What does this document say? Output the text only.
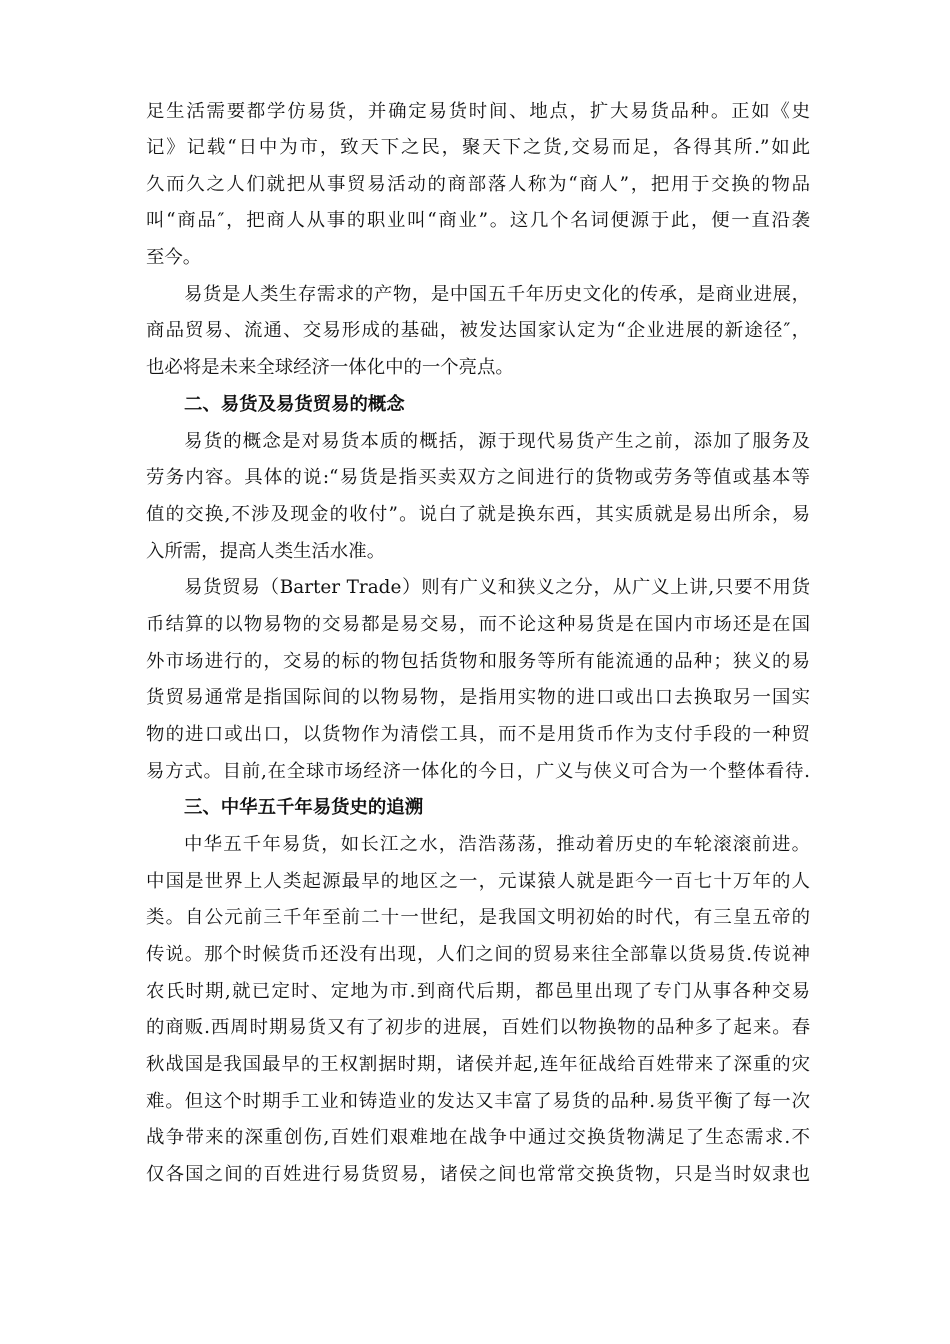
足生活需要都学仿易货，并确定易货时间、地点，扩大易货品种。正如《史
记》记载“日中为市，致天下之民，聚天下之货,交易而足，各得其所.”如此
久而久之人们就把从事贸易活动的商部落人称为“商人”，把用于交换的物品
叫“商品″，把商人从事的职业叫“商业”。这几个名词便源于此，便一直沿袭
至今。
易货是人类生存需求的产物，是中国五千年历史文化的传承，是商业进展，
商品贸易、流通、交易形成的基础，被发达国家认定为“企业进展的新途径″，
也必将是未来全球经济一体化中的一个亮点。
二、易货及易货贸易的概念
易货的概念是对易货本质的概括，源于现代易货产生之前，添加了服务及
劳务内容。具体的说:“易货是指买卖双方之间进行的货物或劳务等值或基本等
值的交换,不涉及现金的收付”。说白了就是换东西，其实质就是易出所余，易
入所需，提高人类生活水准。
易货贸易（Barter Trade）则有广义和狭义之分，从广义上讲,只要不用货
币结算的以物易物的交易都是易交易，而不论这种易货是在国内市场还是在国
外市场进行的，交易的标的物包括货物和服务等所有能流通的品种；狭义的易
货贸易通常是指国际间的以物易物，是指用实物的进口或出口去换取另一国实
物的进口或出口，以货物作为清偿工具，而不是用货币作为支付手段的一种贸
易方式。目前,在全球市场经济一体化的今日，广义与侠义可合为一个整体看待.
三、中华五千年易货史的追溯
中华五千年易货，如长江之水，浩浩荡荡，推动着历史的车轮滚滚前进。
中国是世界上人类起源最早的地区之一，元谋猿人就是距今一百七十万年的人
类。自公元前三千年至前二十一世纪，是我国文明初始的时代，有三皇五帝的
传说。那个时候货币还没有出现，人们之间的贸易来往全部靠以货易货.传说神
农氏时期,就已定时、定地为市.到商代后期，都邑里出现了专门从事各种交易
的商贩.西周时期易货又有了初步的进展，百姓们以物换物的品种多了起来。春
秋战国是我国最早的王权割据时期，诸侯并起,连年征战给百姓带来了深重的灾
难。但这个时期手工业和铸造业的发达又丰富了易货的品种.易货平衡了每一次
战争带来的深重创伤,百姓们艰难地在战争中通过交换货物满足了生态需求.不
仅各国之间的百姓进行易货贸易，诸侯之间也常常交换货物，只是当时奴隶也
